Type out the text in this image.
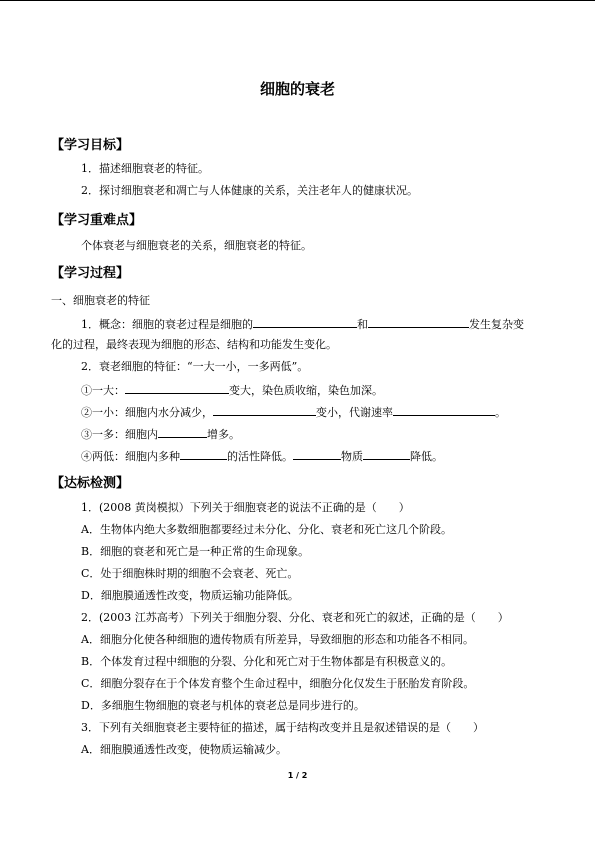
细胞的衰老
【学习目标】
1．描述细胞衰老的特征。
2．探讨细胞衰老和凋亡与人体健康的关系，关注老年人的健康状况。
【学习重难点】
个体衰老与细胞衰老的关系，细胞衰老的特征。
【学习过程】
一、细胞衰老的特征
1．概念：细胞的衰老过程是细胞的	和	发生复杂变
化的过程，最终表现为细胞的形态、结构和功能发生变化。
2．衰老细胞的特征：“一大一小，一多两低”。
①一大：	变大，染色质收缩，染色加深。
②一小：细胞内水分减少，	变小，代谢速率	。
③一多：细胞内	增多。
④两低：细胞内多种	的活性降低。	物质	降低。
【达标检测】
1．(2008 黄岗模拟）下列关于细胞衰老的说法不正确的是（　　）
A．生物体内绝大多数细胞都要经过未分化、分化、衰老和死亡这几个阶段。
B．细胞的衰老和死亡是一种正常的生命现象。
C．处于细胞株时期的细胞不会衰老、死亡。
D．细胞膜通透性改变，物质运输功能降低。
2．(2003 江苏高考）下列关于细胞分裂、分化、衰老和死亡的叙述，正确的是（　　）
A．细胞分化使各种细胞的遗传物质有所差异，导致细胞的形态和功能各不相同。
B．个体发育过程中细胞的分裂、分化和死亡对于生物体都是有积极意义的。
C．细胞分裂存在于个体发育整个生命过程中，细胞分化仅发生于胚胎发育阶段。
D．多细胞生物细胞的衰老与机体的衰老总是同步进行的。
3．下列有关细胞衰老主要特征的描述，属于结构改变并且是叙述错误的是（　　）
A．细胞膜通透性改变，使物质运输减少。
1 / 2
